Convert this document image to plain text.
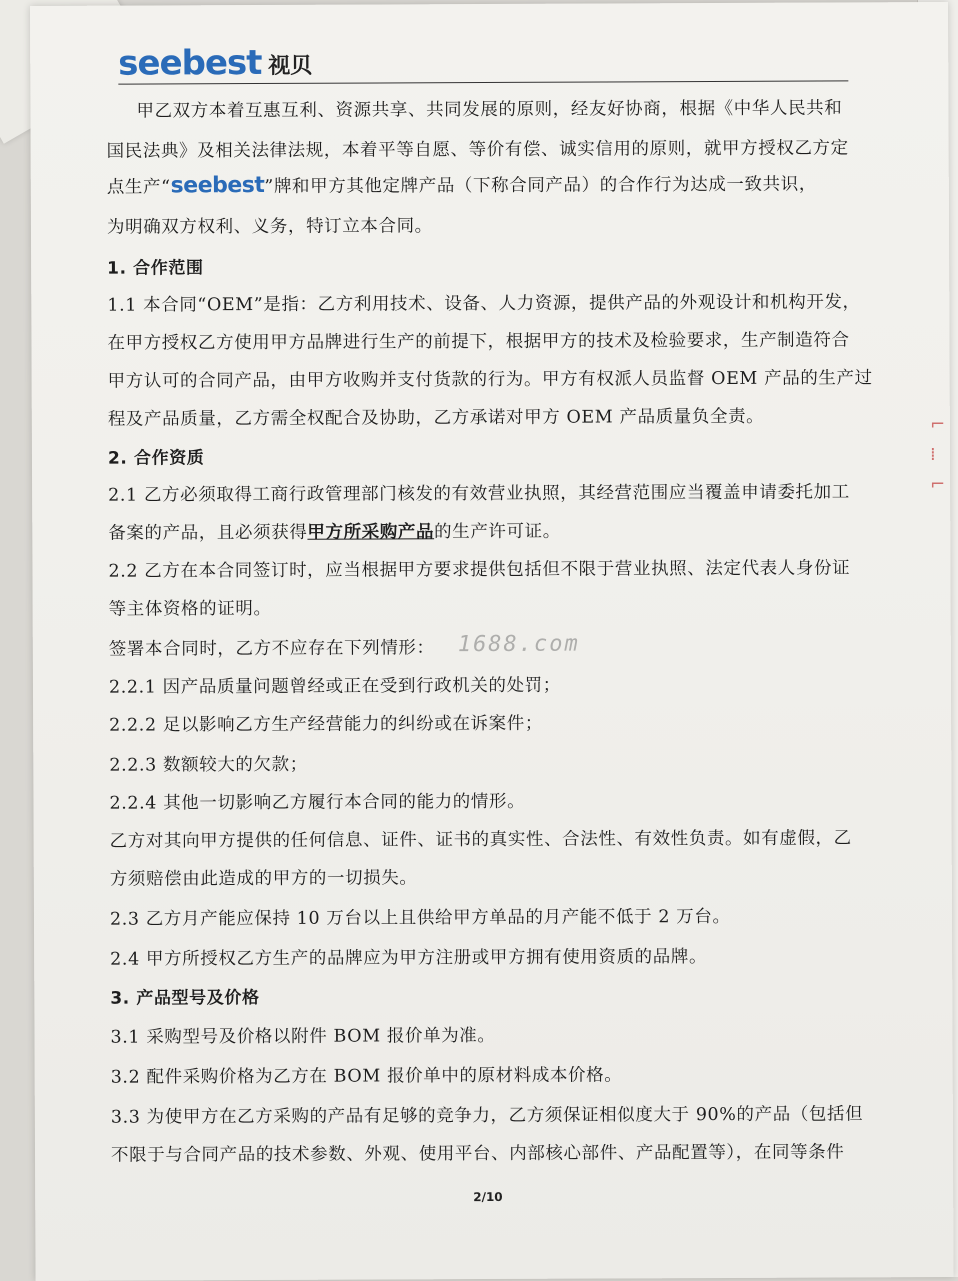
seebest 视贝
甲乙双方本着互惠互利、资源共享、共同发展的原则，经友好协商，根据《中华人民共和
国民法典》及相关法律法规，本着平等自愿、等价有偿、诚实信用的原则，就甲方授权乙方定
点生产“seebest”牌和甲方其他定牌产品（下称合同产品）的合作行为达成一致共识，
为明确双方权利、义务，特订立本合同。
1. 合作范围
1.1 本合同“OEM”是指：乙方利用技术、设备、人力资源，提供产品的外观设计和机构开发，
在甲方授权乙方使用甲方品牌进行生产的前提下，根据甲方的技术及检验要求，生产制造符合
甲方认可的合同产品，由甲方收购并支付货款的行为。甲方有权派人员监督 OEM 产品的生产过
程及产品质量，乙方需全权配合及协助，乙方承诺对甲方 OEM 产品质量负全责。
2. 合作资质
2.1 乙方必须取得工商行政管理部门核发的有效营业执照，其经营范围应当覆盖申请委托加工
备案的产品，且必须获得甲方所采购产品的生产许可证。
2.2 乙方在本合同签订时，应当根据甲方要求提供包括但不限于营业执照、法定代表人身份证
等主体资格的证明。
签署本合同时，乙方不应存在下列情形：
2.2.1 因产品质量问题曾经或正在受到行政机关的处罚；
2.2.2 足以影响乙方生产经营能力的纠纷或在诉案件；
2.2.3 数额较大的欠款；
2.2.4 其他一切影响乙方履行本合同的能力的情形。
乙方对其向甲方提供的任何信息、证件、证书的真实性、合法性、有效性负责。如有虚假，乙
方须赔偿由此造成的甲方的一切损失。
2.3 乙方月产能应保持 10 万台以上且供给甲方单品的月产能不低于 2 万台。
2.4 甲方所授权乙方生产的品牌应为甲方注册或甲方拥有使用资质的品牌。
3. 产品型号及价格
3.1 采购型号及价格以附件 BOM 报价单为准。
3.2 配件采购价格为乙方在 BOM 报价单中的原材料成本价格。
3.3 为使甲方在乙方采购的产品有足够的竞争力，乙方须保证相似度大于 90%的产品（包括但
不限于与合同产品的技术参数、外观、使用平台、内部核心部件、产品配置等），在同等条件
1688.com
2/10
⌐
⁞
⌐
